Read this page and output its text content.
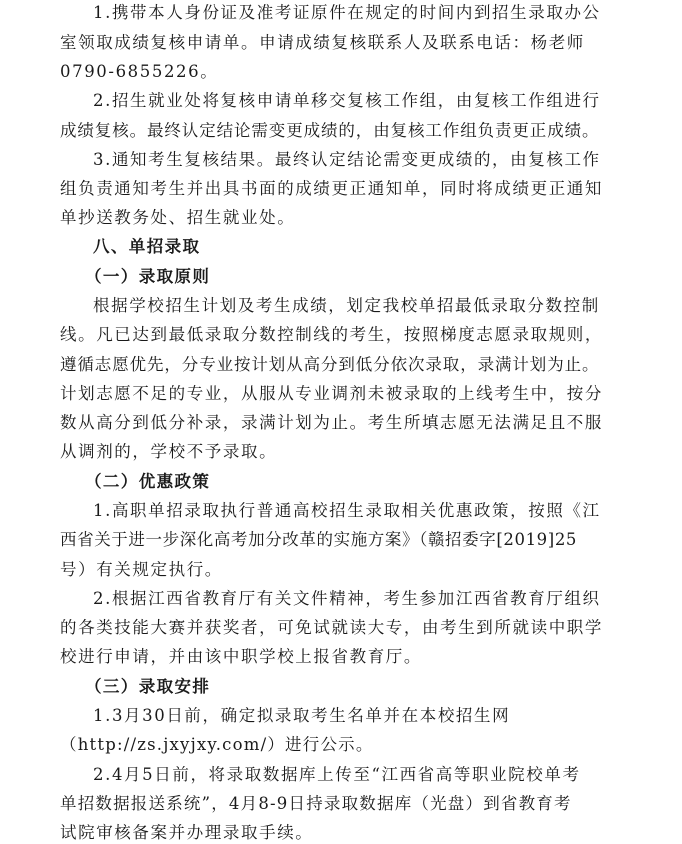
1.携带本人身份证及准考证原件在规定的时间内到招生录取办公
室领取成绩复核申请单。申请成绩复核联系人及联系电话：杨老师
0790-6855226。
2.招生就业处将复核申请单移交复核工作组，由复核工作组进行
成绩复核。最终认定结论需变更成绩的，由复核工作组负责更正成绩。
3.通知考生复核结果。最终认定结论需变更成绩的，由复核工作
组负责通知考生并出具书面的成绩更正通知单，同时将成绩更正通知
单抄送教务处、招生就业处。
八、单招录取
（一）录取原则
根据学校招生计划及考生成绩，划定我校单招最低录取分数控制
线。凡已达到最低录取分数控制线的考生，按照梯度志愿录取规则，
遵循志愿优先，分专业按计划从高分到低分依次录取，录满计划为止。
计划志愿不足的专业，从服从专业调剂未被录取的上线考生中，按分
数从高分到低分补录，录满计划为止。考生所填志愿无法满足且不服
从调剂的，学校不予录取。
（二）优惠政策
1.高职单招录取执行普通高校招生录取相关优惠政策，按照《江
西省关于进一步深化高考加分改革的实施方案》（赣招委字[2019]25
号）有关规定执行。
2.根据江西省教育厅有关文件精神，考生参加江西省教育厅组织
的各类技能大赛并获奖者，可免试就读大专，由考生到所就读中职学
校进行申请，并由该中职学校上报省教育厅。
（三）录取安排
1.3月30日前，确定拟录取考生名单并在本校招生网
（http://zs.jxyjxy.com/）进行公示。
2.4月5日前，将录取数据库上传至“江西省高等职业院校单考
单招数据报送系统”，4月8-9日持录取数据库（光盘）到省教育考
试院审核备案并办理录取手续。
